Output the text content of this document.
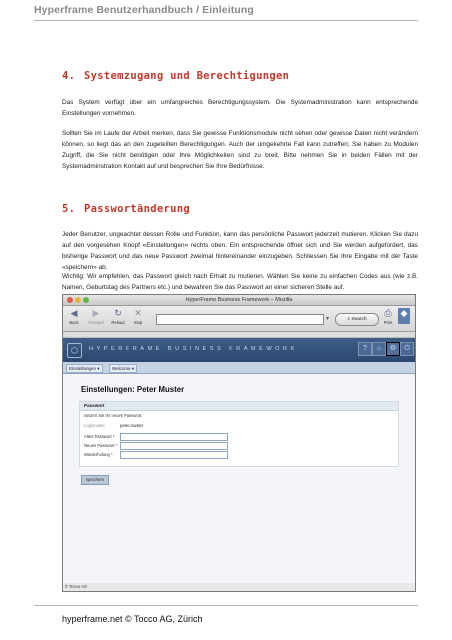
Hyperframe Benutzerhandbuch / Einleitung
4. Systemzugang und Berechtigungen

Das System verfügt über ein umfangreiches Berechtigungssystem. Die Systemadministration kann entsprechende Einstellungen vornehmen.

Sollten Sie im Laufe der Arbeit merken, dass Sie gewisse Funktionsmodule nicht sehen oder gewisse Daten nicht verändern können, so liegt das an den zugeteilten Berechtigungen. Auch der umgekehrte Fall kann zutreffen; Sie haben zu Modulen Zugriff, die Sie nicht benötigen oder Ihre Möglichkeiten sind zu breit. Bitte nehmen Sie in beiden Fällen mit der Systemadminstration Kontakt auf und besprechen Sie Ihre Bedürfnisse.

5. Passwortänderung

Jeder Benutzer, ungeachtet dessen Rolle und Funktion, kann das persönliche Passwort jederzeit mutieren. Klicken Sie dazu auf den vorgesehen Knopf «Einstellungen» rechts oben. Ein entsprechende öffnet sich und Sie werden aufgefordert, das bisherige Passwort und das neue Passwort zweimal hintereinander einzugeben. Schliessen Sie Ihre Eingabe mit der Taste «speichern» ab.

Wichtig: Wir empfehlen, das Passwort gleich nach Erhalt zu mutieren. Wählen Sie keine zu einfachen Codes aus (wie z.B. Namen, Geburtstag des Partners etc.) und bewahren Sie das Passwort an einer sicheren Stelle auf.

HyperFrame Business Framework – Mozilla
◀
Back
▶
Forward
↻
Reload
✕
Stop
▾	⌕ Search
⎙
Print
◆
⬡	HYPERFRAME BUSINESS FRAMEWORK	?	⌂	⚙	⏻
Einstellungen ▾	Welcome ▾
Einstellungen: Peter Muster
Passwort
Setzen Sie Ihr neues Passwort.
Loginname	peter.muster
Altes Passwort *
Neues Passwort *
Wiederholung *
speichern
© Tocco AG
hyperframe.net © Tocco AG, Zürich
